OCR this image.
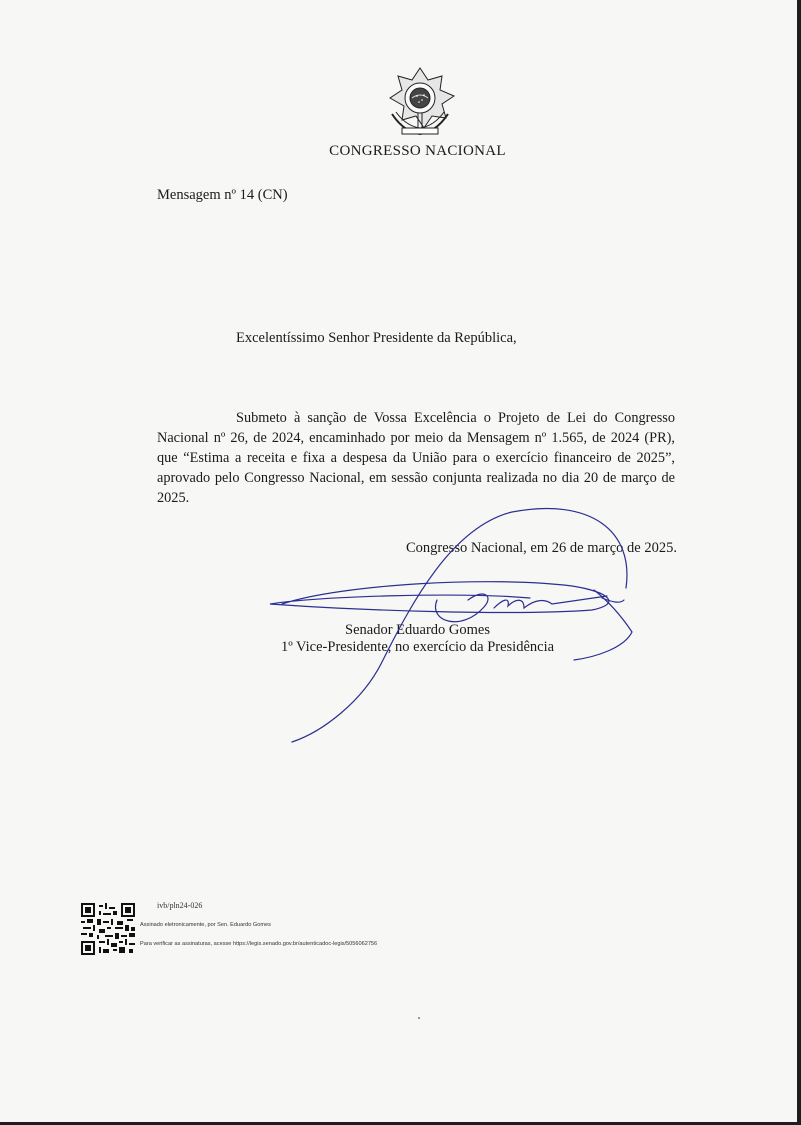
CONGRESSO NACIONAL
Mensagem nº 14 (CN)
Excelentíssimo Senhor Presidente da República,
Submeto à sanção de Vossa Excelência o Projeto de Lei do Congresso Nacional nº 26, de 2024, encaminhado por meio da Mensagem nº 1.565, de 2024 (PR), que “Estima a receita e fixa a despesa da União para o exercício financeiro de 2025”, aprovado pelo Congresso Nacional, em sessão conjunta realizada no dia 20 de março de 2025.
Congresso Nacional, em 26 de março de 2025.
Senador Eduardo Gomes
1º Vice-Presidente, no exercício da Presidência
ivb/pln24-026
Assinado eletronicamente, por Sen. Eduardo Gomes
Para verificar as assinaturas, acesse https://legis.senado.gov.br/autenticadoc-legis/5056062756
